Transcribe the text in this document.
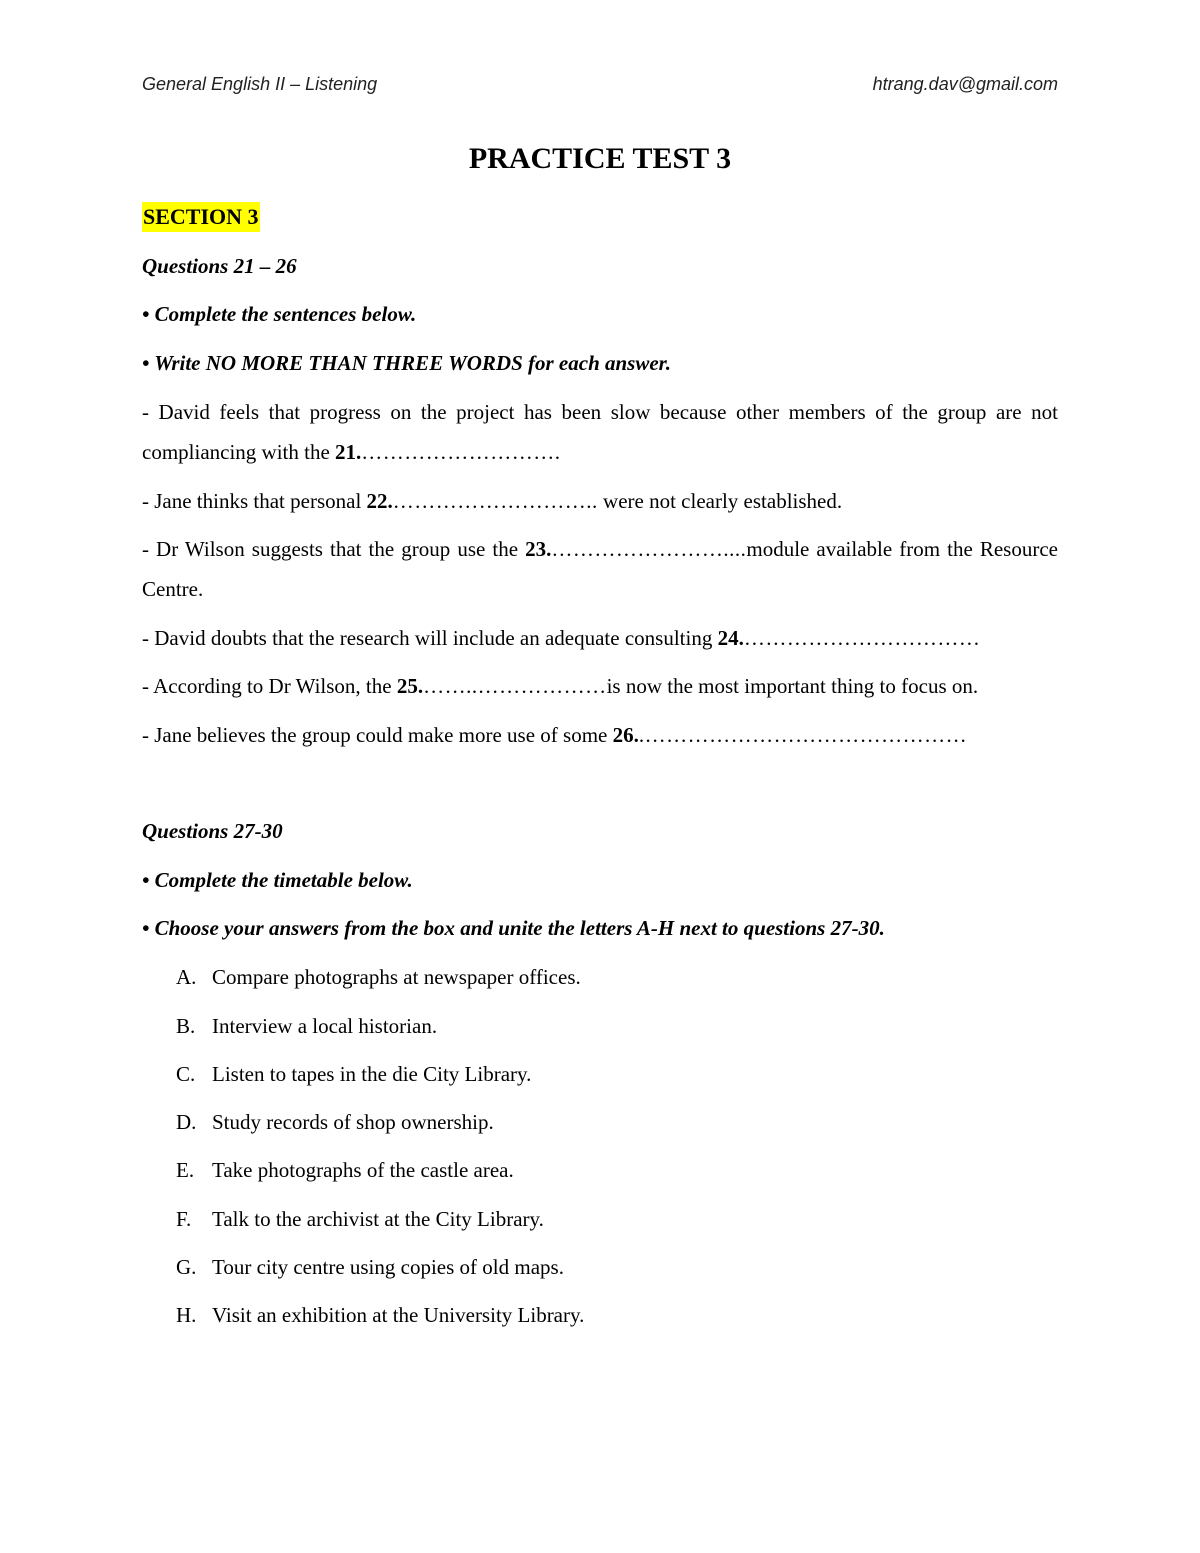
General English II – Listening	htrang.dav@gmail.com
PRACTICE TEST 3
SECTION 3
Questions 21 – 26
• Complete the sentences below.
• Write NO MORE THAN THREE WORDS for each answer.
- David feels that progress on the project has been slow because other members of the group are not compliancing with the 21.……………………….
- Jane thinks that personal 22.……………………….. were not clearly established.
- Dr Wilson suggests that the group use the 23.……………………....module available from the Resource Centre.
- David doubts that the research will include an adequate consulting 24.……………………………
- According to Dr Wilson, the 25.……..………………is now the most important thing to focus on.
- Jane believes the group could make more use of some 26..………………………………………
Questions 27-30
• Complete the timetable below.
• Choose your answers from the box and unite the letters A-H next to questions 27-30.
A. Compare photographs at newspaper offices.
B. Interview a local historian.
C. Listen to tapes in the die City Library.
D. Study records of shop ownership.
E. Take photographs of the castle area.
F. Talk to the archivist at the City Library.
G. Tour city centre using copies of old maps.
H. Visit an exhibition at the University Library.
